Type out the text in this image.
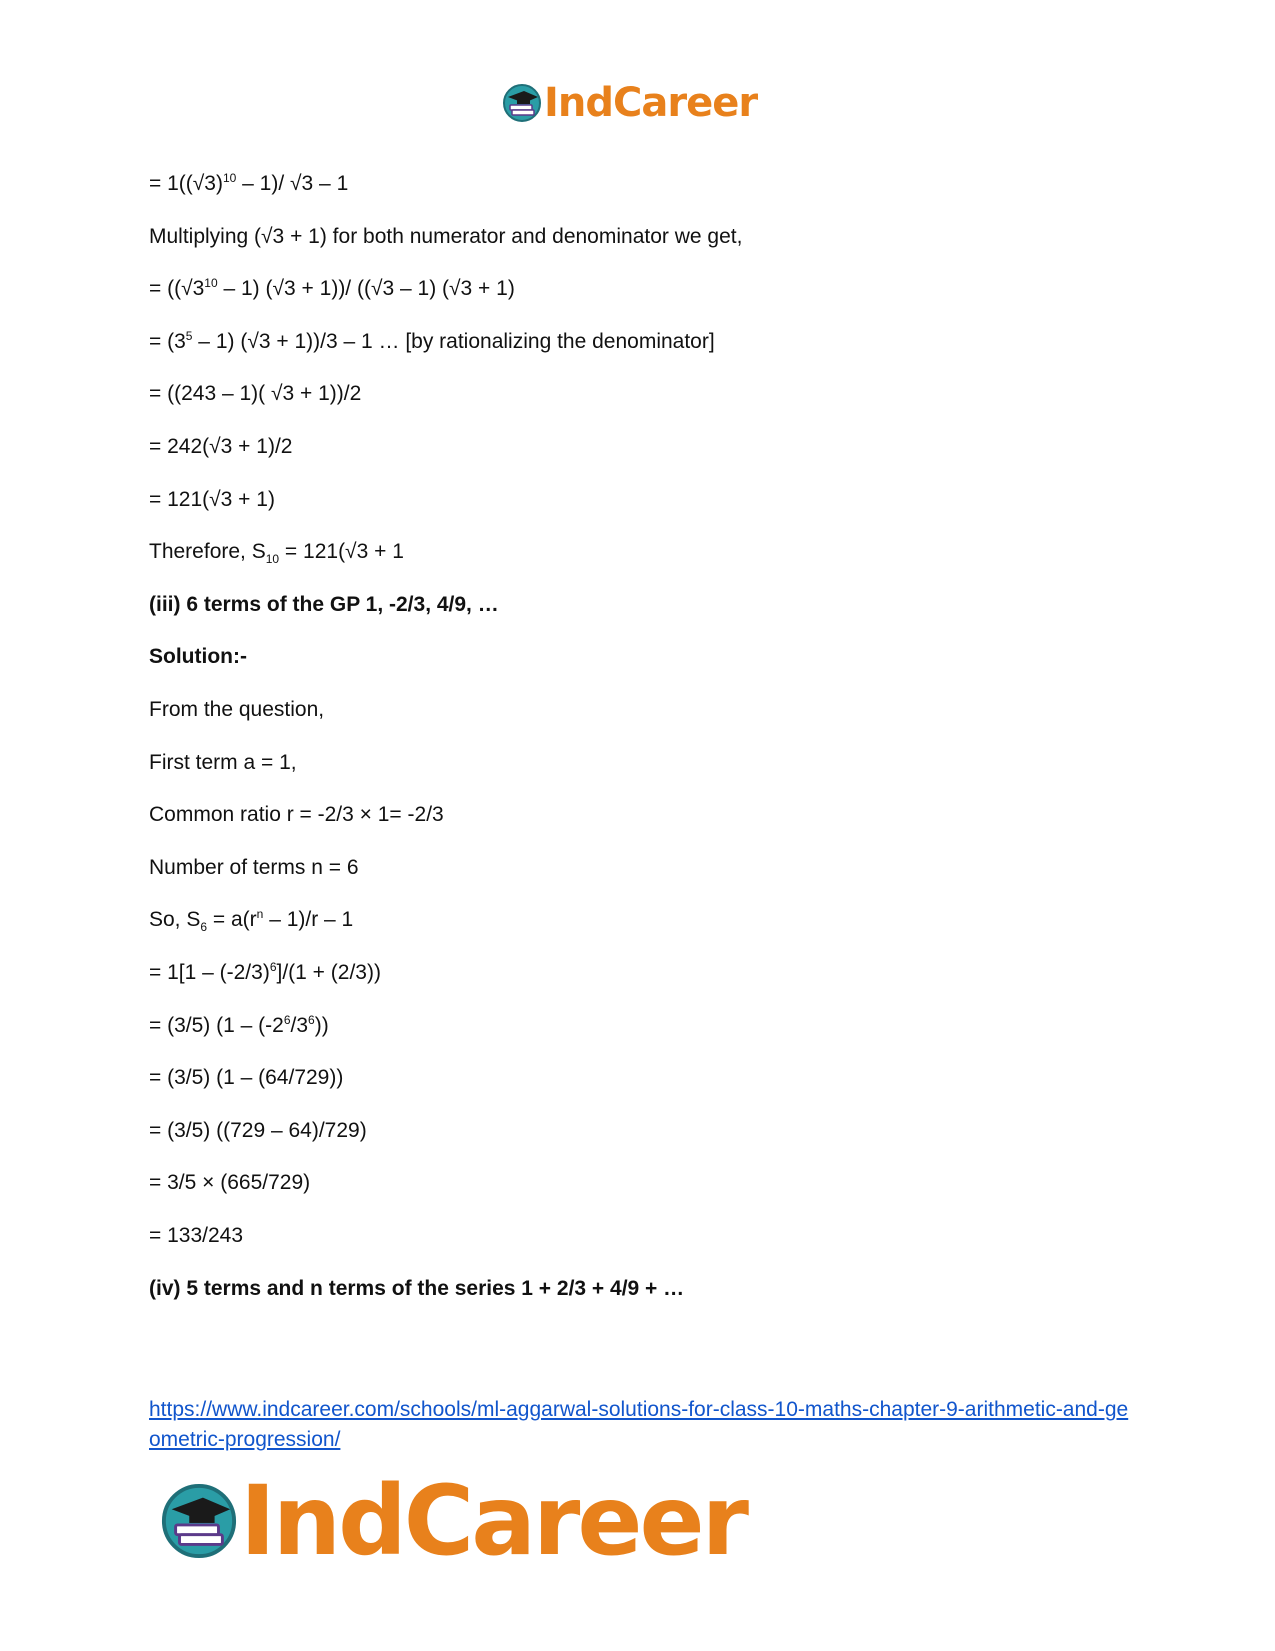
IndCareer
= $1((√3)^{10} - 1)/$ √3 – 1
Multiplying (√3 + 1) for both numerator and denominator we get,
= $((√3^{10} - 1) (√3 + 1))/$ ((√3 – 1) (√3 + 1)
= $(3^5 - 1) (√3 + 1))/3 - 1$ … [by rationalizing the denominator]
= ((243 – 1)( √3 + 1))/2
= 242(√3 + 1)/2
= 121(√3 + 1)
Therefore, $S_{10} = 121(√3 + 1$
(iii) 6 terms of the GP 1, -2/3, 4/9, …
Solution:-
From the question,
First term a = 1,
Common ratio r = -2/3 × 1= -2/3
Number of terms n = 6
So, $S_6 = a(r^n - 1)/r - 1$
= $1[1 - (-2/3)^6]/(1 + (2/3))$
= (3/5) $(1 - (-2^6/3^6))$
= (3/5) (1 – (64/729))
= (3/5) ((729 – 64)/729)
= 3/5 × (665/729)
= 133/243
(iv) 5 terms and n terms of the series 1 + 2/3 + 4/9 + …
https://www.indcareer.com/schools/ml-aggarwal-solutions-for-class-10-maths-chapter-9-arithmetic-and-geometric-progression/
IndCareer
